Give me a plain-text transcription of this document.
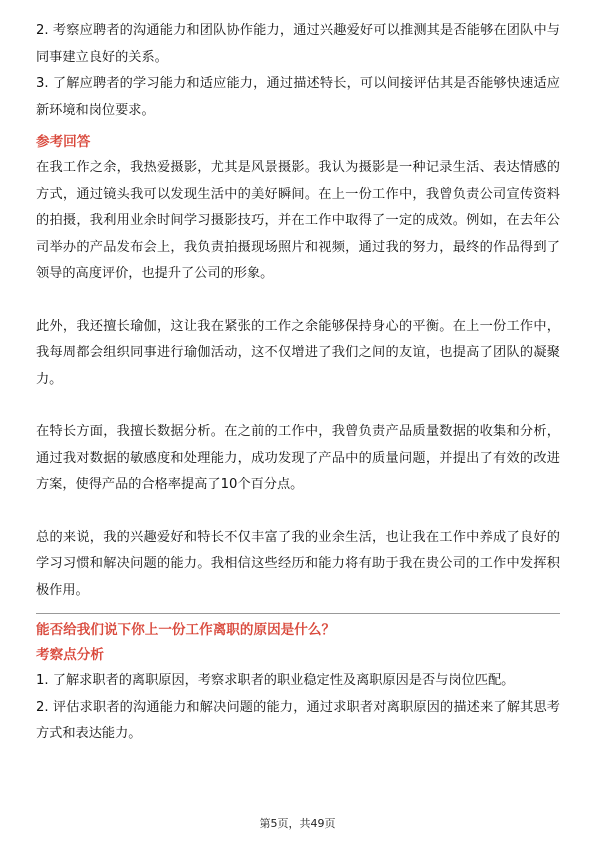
2. 考察应聘者的沟通能力和团队协作能力，通过兴趣爱好可以推测其是否能够在团队中与同事建立良好的关系。

3. 了解应聘者的学习能力和适应能力，通过描述特长，可以间接评估其是否能够快速适应新环境和岗位要求。

参考回答

在我工作之余，我热爱摄影，尤其是风景摄影。我认为摄影是一种记录生活、表达情感的方式，通过镜头我可以发现生活中的美好瞬间。在上一份工作中，我曾负责公司宣传资料的拍摄，我利用业余时间学习摄影技巧，并在工作中取得了一定的成效。例如，在去年公司举办的产品发布会上，我负责拍摄现场照片和视频，通过我的努力，最终的作品得到了领导的高度评价，也提升了公司的形象。

此外，我还擅长瑜伽，这让我在紧张的工作之余能够保持身心的平衡。在上一份工作中，我每周都会组织同事进行瑜伽活动，这不仅增进了我们之间的友谊，也提高了团队的凝聚力。

在特长方面，我擅长数据分析。在之前的工作中，我曾负责产品质量数据的收集和分析，通过我对数据的敏感度和处理能力，成功发现了产品中的质量问题，并提出了有效的改进方案，使得产品的合格率提高了10个百分点。

总的来说，我的兴趣爱好和特长不仅丰富了我的业余生活，也让我在工作中养成了良好的学习习惯和解决问题的能力。我相信这些经历和能力将有助于我在贵公司的工作中发挥积极作用。

能否给我们说下你上一份工作离职的原因是什么？

考察点分析

1. 了解求职者的离职原因，考察求职者的职业稳定性及离职原因是否与岗位匹配。

2. 评估求职者的沟通能力和解决问题的能力，通过求职者对离职原因的描述来了解其思考方式和表达能力。

第5页，共49页
